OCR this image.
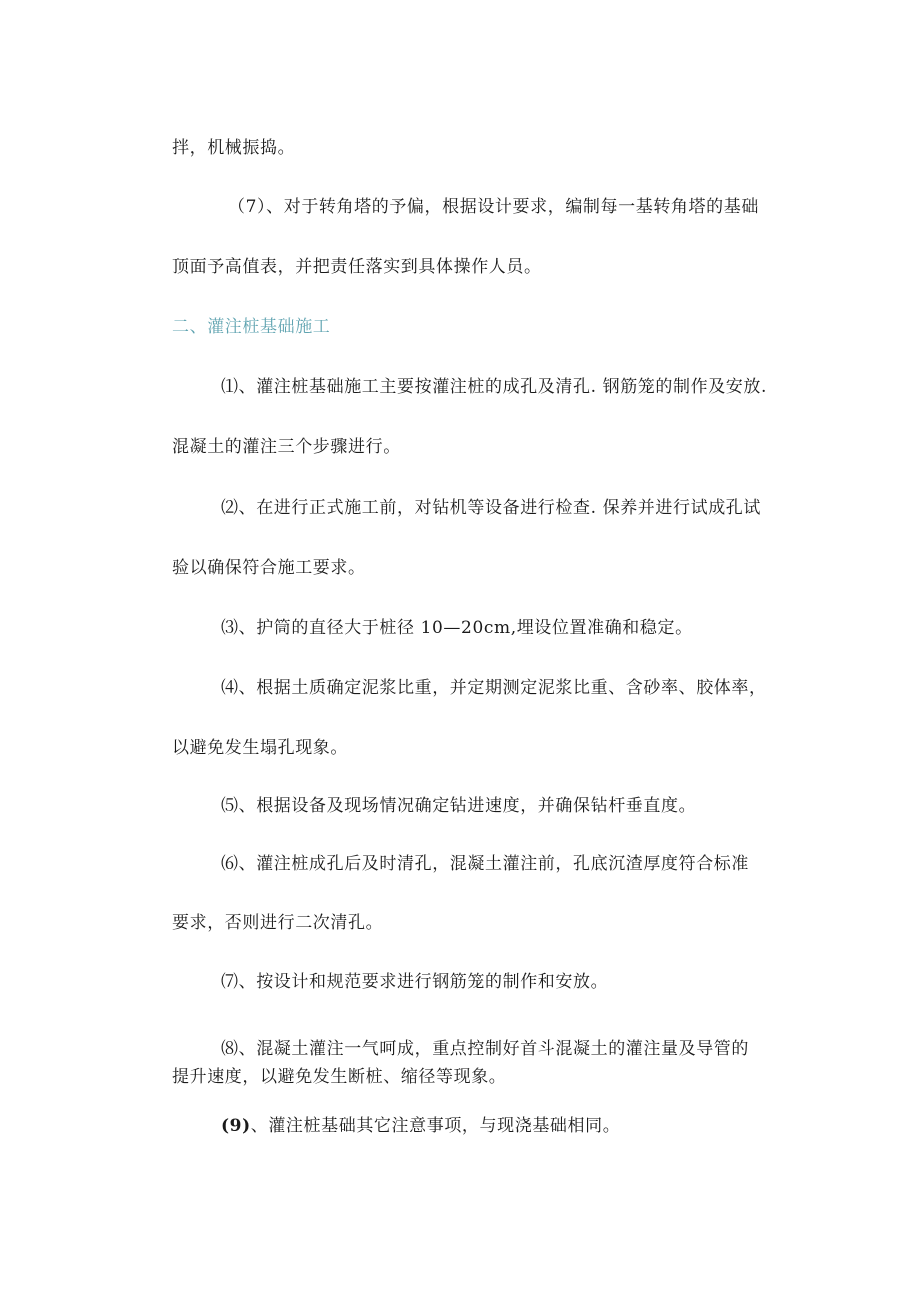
拌，机械振捣。
（7）、对于转角塔的予偏，根据设计要求，编制每一基转角塔的基础
顶面予高值表，并把责任落实到具体操作人员。
二、灌注桩基础施工
⑴、灌注桩基础施工主要按灌注桩的成孔及清孔. 钢筋笼的制作及安放.
混凝土的灌注三个步骤进行。
⑵、在进行正式施工前，对钻机等设备进行检查. 保养并进行试成孔试
验以确保符合施工要求。
⑶、护筒的直径大于桩径 10—20cm,埋设位置准确和稳定。
⑷、根据土质确定泥浆比重，并定期测定泥浆比重、含砂率、胶体率，
以避免发生塌孔现象。
⑸、根据设备及现场情况确定钻进速度，并确保钻杆垂直度。
⑹、灌注桩成孔后及时清孔，混凝土灌注前，孔底沉渣厚度符合标准
要求，否则进行二次清孔。
⑺、按设计和规范要求进行钢筋笼的制作和安放。
⑻、混凝土灌注一气呵成，重点控制好首斗混凝土的灌注量及导管的
提升速度，以避免发生断桩、缩径等现象。
(9)、灌注桩基础其它注意事项，与现浇基础相同。
